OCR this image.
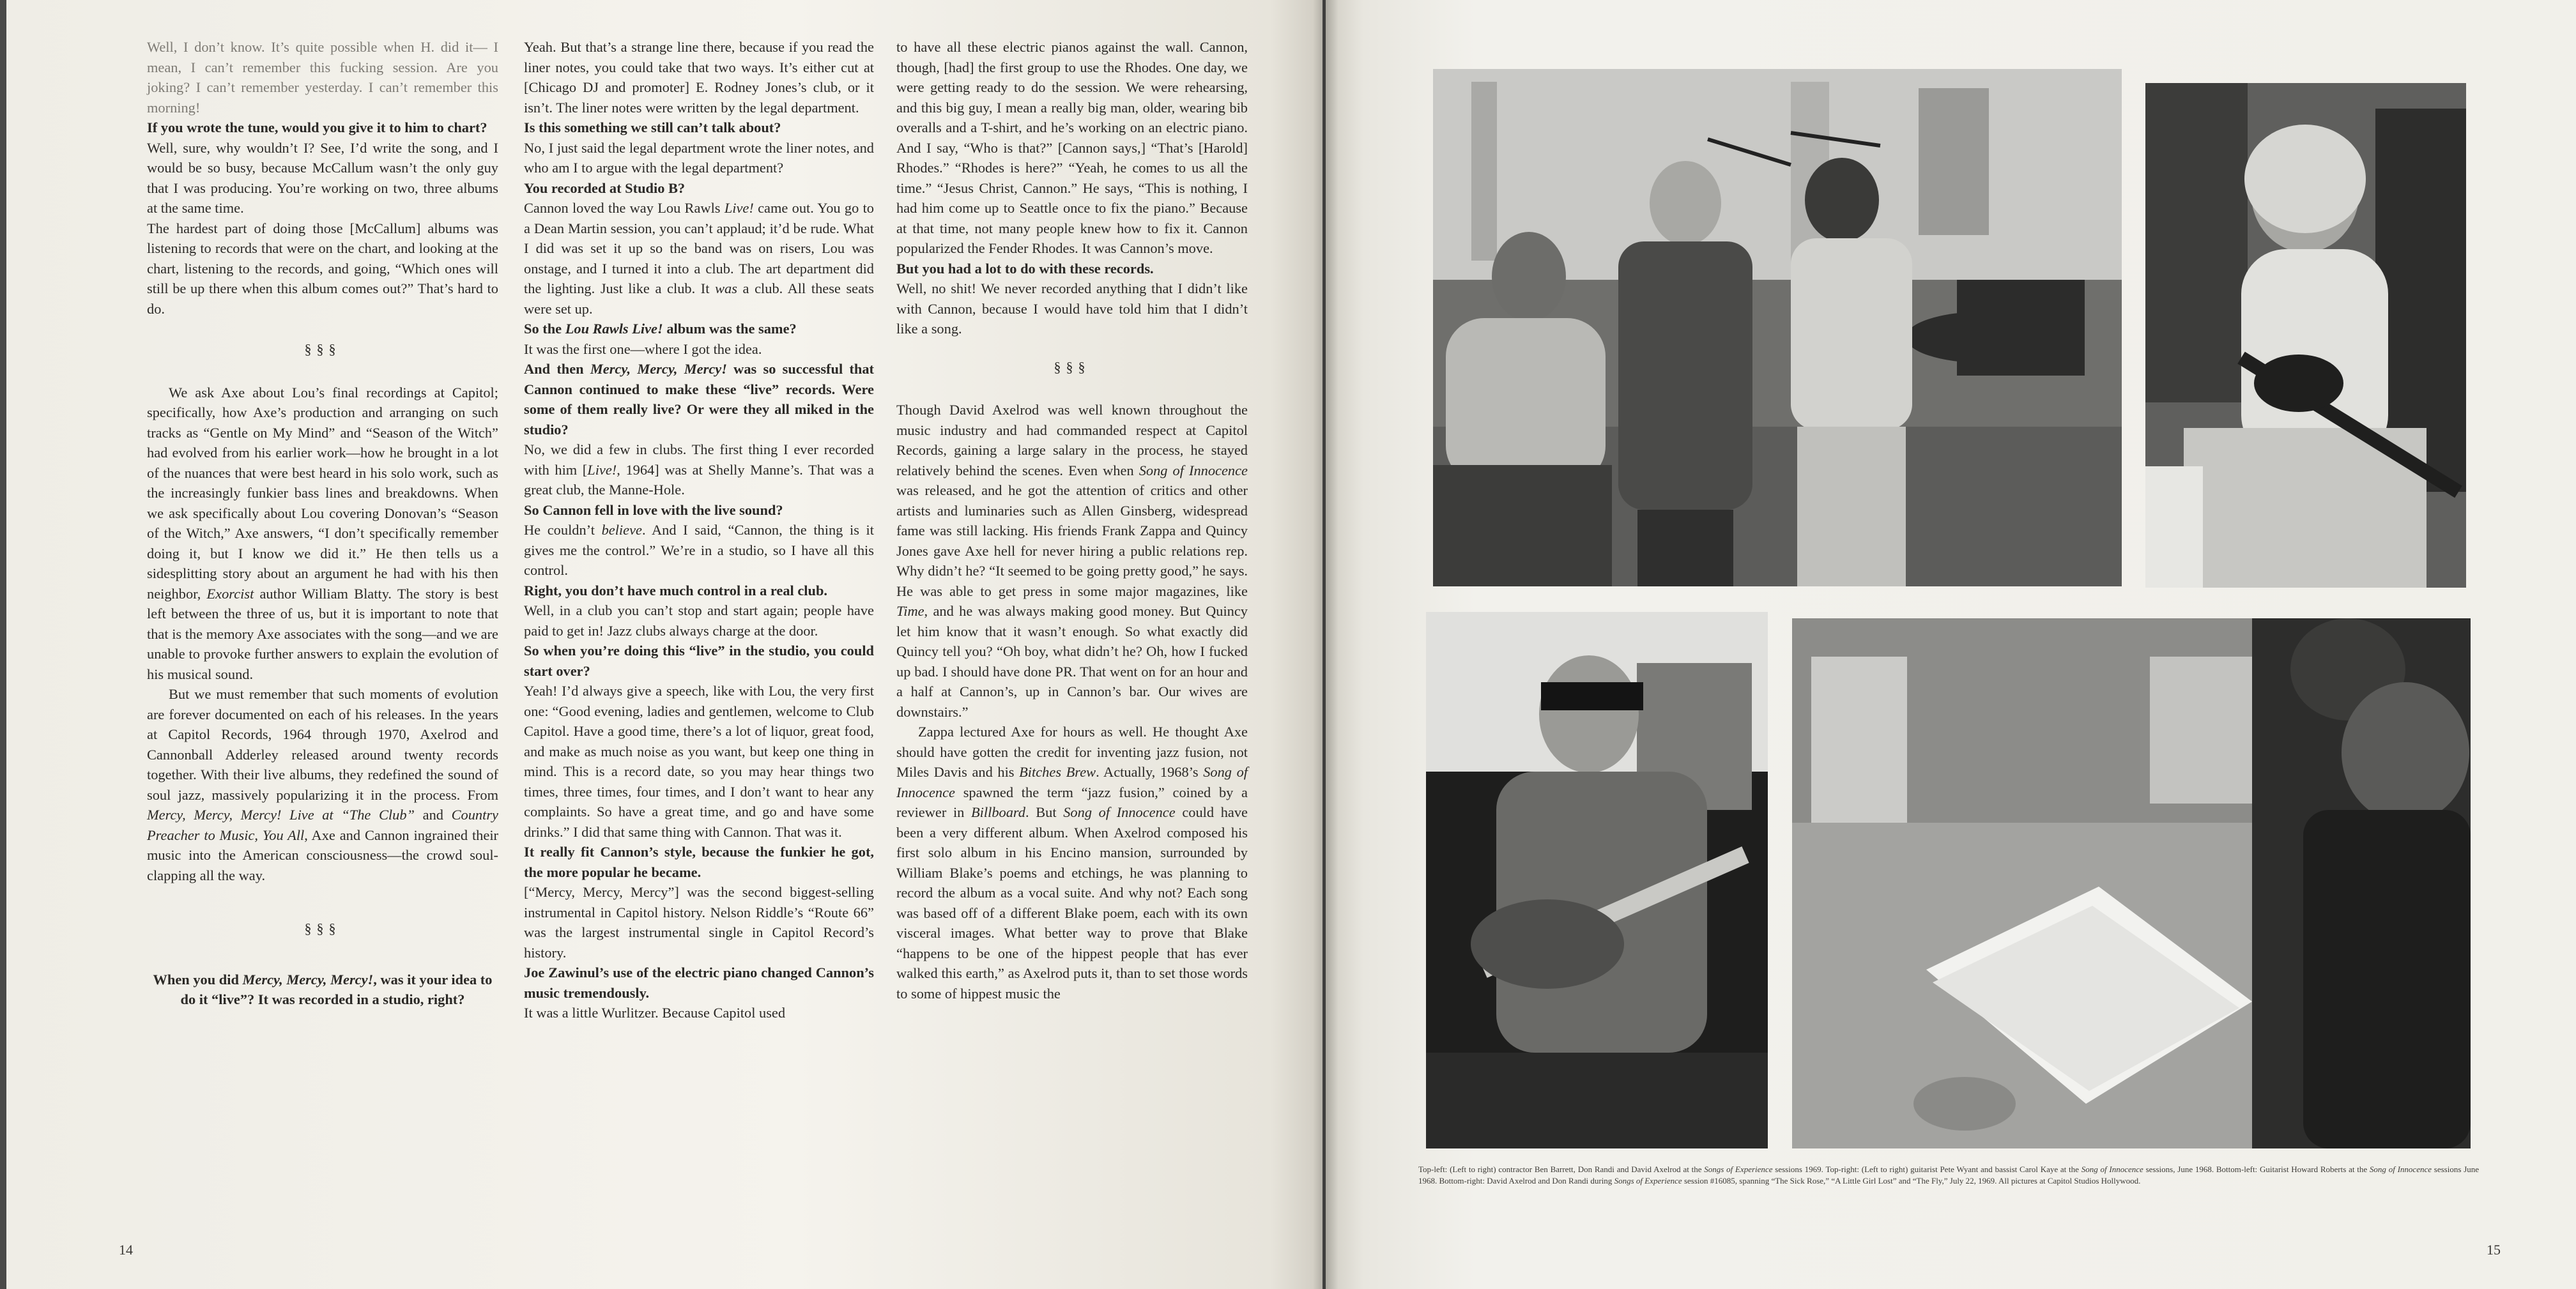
Well, I don’t know. It’s quite possible when H. did it— I mean, I can’t remember this fucking session. Are you joking? I can’t remember yesterday. I can’t remember this morning!

If you wrote the tune, would you give it to him to chart?

Well, sure, why wouldn’t I? See, I’d write the song, and I would be so busy, because McCallum wasn’t the only guy that I was producing. You’re working on two, three albums at the same time.

The hardest part of doing those [McCallum] albums was listening to records that were on the chart, and looking at the chart, listening to the records, and going, “Which ones will still be up there when this album comes out?” That’s hard to do.

§§§

We ask Axe about Lou’s final recordings at Capitol; specifically, how Axe’s production and arranging on such tracks as “Gentle on My Mind” and “Season of the Witch” had evolved from his earlier work—how he brought in a lot of the nuances that were best heard in his solo work, such as the increasingly funkier bass lines and breakdowns. When we ask specifically about Lou covering Donovan’s “Season of the Witch,” Axe answers, “I don’t specifically remember doing it, but I know we did it.” He then tells us a sidesplitting story about an argument he had with his then neighbor, Exorcist author William Blatty. The story is best left between the three of us, but it is important to note that that is the memory Axe associates with the song—and we are unable to provoke further answers to explain the evolution of his musical sound.

But we must remember that such moments of evolution are forever documented on each of his releases. In the years at Capitol Records, 1964 through 1970, Axelrod and Cannonball Adderley released around twenty records together. With their live albums, they redefined the sound of soul jazz, massively popularizing it in the process. From Mercy, Mercy, Mercy! Live at “The Club” and Country Preacher to Music, You All, Axe and Cannon ingrained their music into the American consciousness—the crowd soul-clapping all the way.

§§§

When you did Mercy, Mercy, Mercy!, was it your idea to do it “live”? It was recorded in a studio, right?

Yeah. But that’s a strange line there, because if you read the liner notes, you could take that two ways. It’s either cut at [Chicago DJ and promoter] E. Rodney Jones’s club, or it isn’t. The liner notes were written by the legal department.

Is this something we still can’t talk about?

No, I just said the legal department wrote the liner notes, and who am I to argue with the legal department?

You recorded at Studio B?

Cannon loved the way Lou Rawls Live! came out. You go to a Dean Martin session, you can’t applaud; it’d be rude. What I did was set it up so the band was on risers, Lou was onstage, and I turned it into a club. The art department did the lighting. Just like a club. It was a club. All these seats were set up.

So the Lou Rawls Live! album was the same?

It was the first one—where I got the idea.

And then Mercy, Mercy, Mercy! was so successful that Cannon continued to make these “live” records. Were some of them really live? Or were they all miked in the studio?

No, we did a few in clubs. The first thing I ever recorded with him [Live!, 1964] was at Shelly Manne’s. That was a great club, the Manne-Hole.

So Cannon fell in love with the live sound?

He couldn’t believe. And I said, “Cannon, the thing is it gives me the control.” We’re in a studio, so I have all this control.

Right, you don’t have much control in a real club.

Well, in a club you can’t stop and start again; people have paid to get in! Jazz clubs always charge at the door.

So when you’re doing this “live” in the studio, you could start over?

Yeah! I’d always give a speech, like with Lou, the very first one: “Good evening, ladies and gentlemen, welcome to Club Capitol. Have a good time, there’s a lot of liquor, great food, and make as much noise as you want, but keep one thing in mind. This is a record date, so you may hear things two times, three times, four times, and I don’t want to hear any complaints. So have a great time, and go and have some drinks.” I did that same thing with Cannon. That was it.

It really fit Cannon’s style, because the funkier he got, the more popular he became.

[“Mercy, Mercy, Mercy”] was the second biggest-selling instrumental in Capitol history. Nelson Riddle’s “Route 66” was the largest instrumental single in Capitol Record’s history.

Joe Zawinul’s use of the electric piano changed Cannon’s music tremendously.

It was a little Wurlitzer. Because Capitol used

to have all these electric pianos against the wall. Cannon, though, [had] the first group to use the Rhodes. One day, we were getting ready to do the session. We were rehearsing, and this big guy, I mean a really big man, older, wearing bib overalls and a T-shirt, and he’s working on an electric piano. And I say, “Who is that?” [Cannon says,] “That’s [Harold] Rhodes.” “Rhodes is here?” “Yeah, he comes to us all the time.” “Jesus Christ, Cannon.” He says, “This is nothing, I had him come up to Seattle once to fix the piano.” Because at that time, not many people knew how to fix it. Cannon popularized the Fender Rhodes. It was Cannon’s move.

But you had a lot to do with these records.

Well, no shit! We never recorded anything that I didn’t like with Cannon, because I would have told him that I didn’t like a song.

§§§

Though David Axelrod was well known throughout the music industry and had commanded respect at Capitol Records, gaining a large salary in the process, he stayed relatively behind the scenes. Even when Song of Innocence was released, and he got the attention of critics and other artists and luminaries such as Allen Ginsberg, widespread fame was still lacking. His friends Frank Zappa and Quincy Jones gave Axe hell for never hiring a public relations rep. Why didn’t he? “It seemed to be going pretty good,” he says. He was able to get press in some major magazines, like Time, and he was always making good money. But Quincy let him know that it wasn’t enough. So what exactly did Quincy tell you? “Oh boy, what didn’t he? Oh, how I fucked up bad. I should have done PR. That went on for an hour and a half at Cannon’s, up in Cannon’s bar. Our wives are downstairs.”

Zappa lectured Axe for hours as well. He thought Axe should have gotten the credit for inventing jazz fusion, not Miles Davis and his Bitches Brew. Actually, 1968’s Song of Innocence spawned the term “jazz fusion,” coined by a reviewer in Billboard. But Song of Innocence could have been a very different album. When Axelrod composed his first solo album in his Encino mansion, surrounded by William Blake’s poems and etchings, he was planning to record the album as a vocal suite. And why not? Each song was based off of a different Blake poem, each with its own visceral images. What better way to prove that Blake “happens to be one of the hippest people that has ever walked this earth,” as Axelrod puts it, than to set those words to some of hippest music the

14	15
Top-left: (Left to right) contractor Ben Barrett, Don Randi and David Axelrod at the Songs of Experience sessions 1969. Top-right: (Left to right) guitarist Pete Wyant and bassist Carol Kaye at the Song of Innocence sessions, June 1968. Bottom-left: Guitarist Howard Roberts at the Song of Innocence sessions June 1968. Bottom-right: David Axelrod and Don Randi during Songs of Experience session #16085, spanning “The Sick Rose,” “A Little Girl Lost” and “The Fly,” July 22, 1969. All pictures at Capitol Studios Hollywood.
